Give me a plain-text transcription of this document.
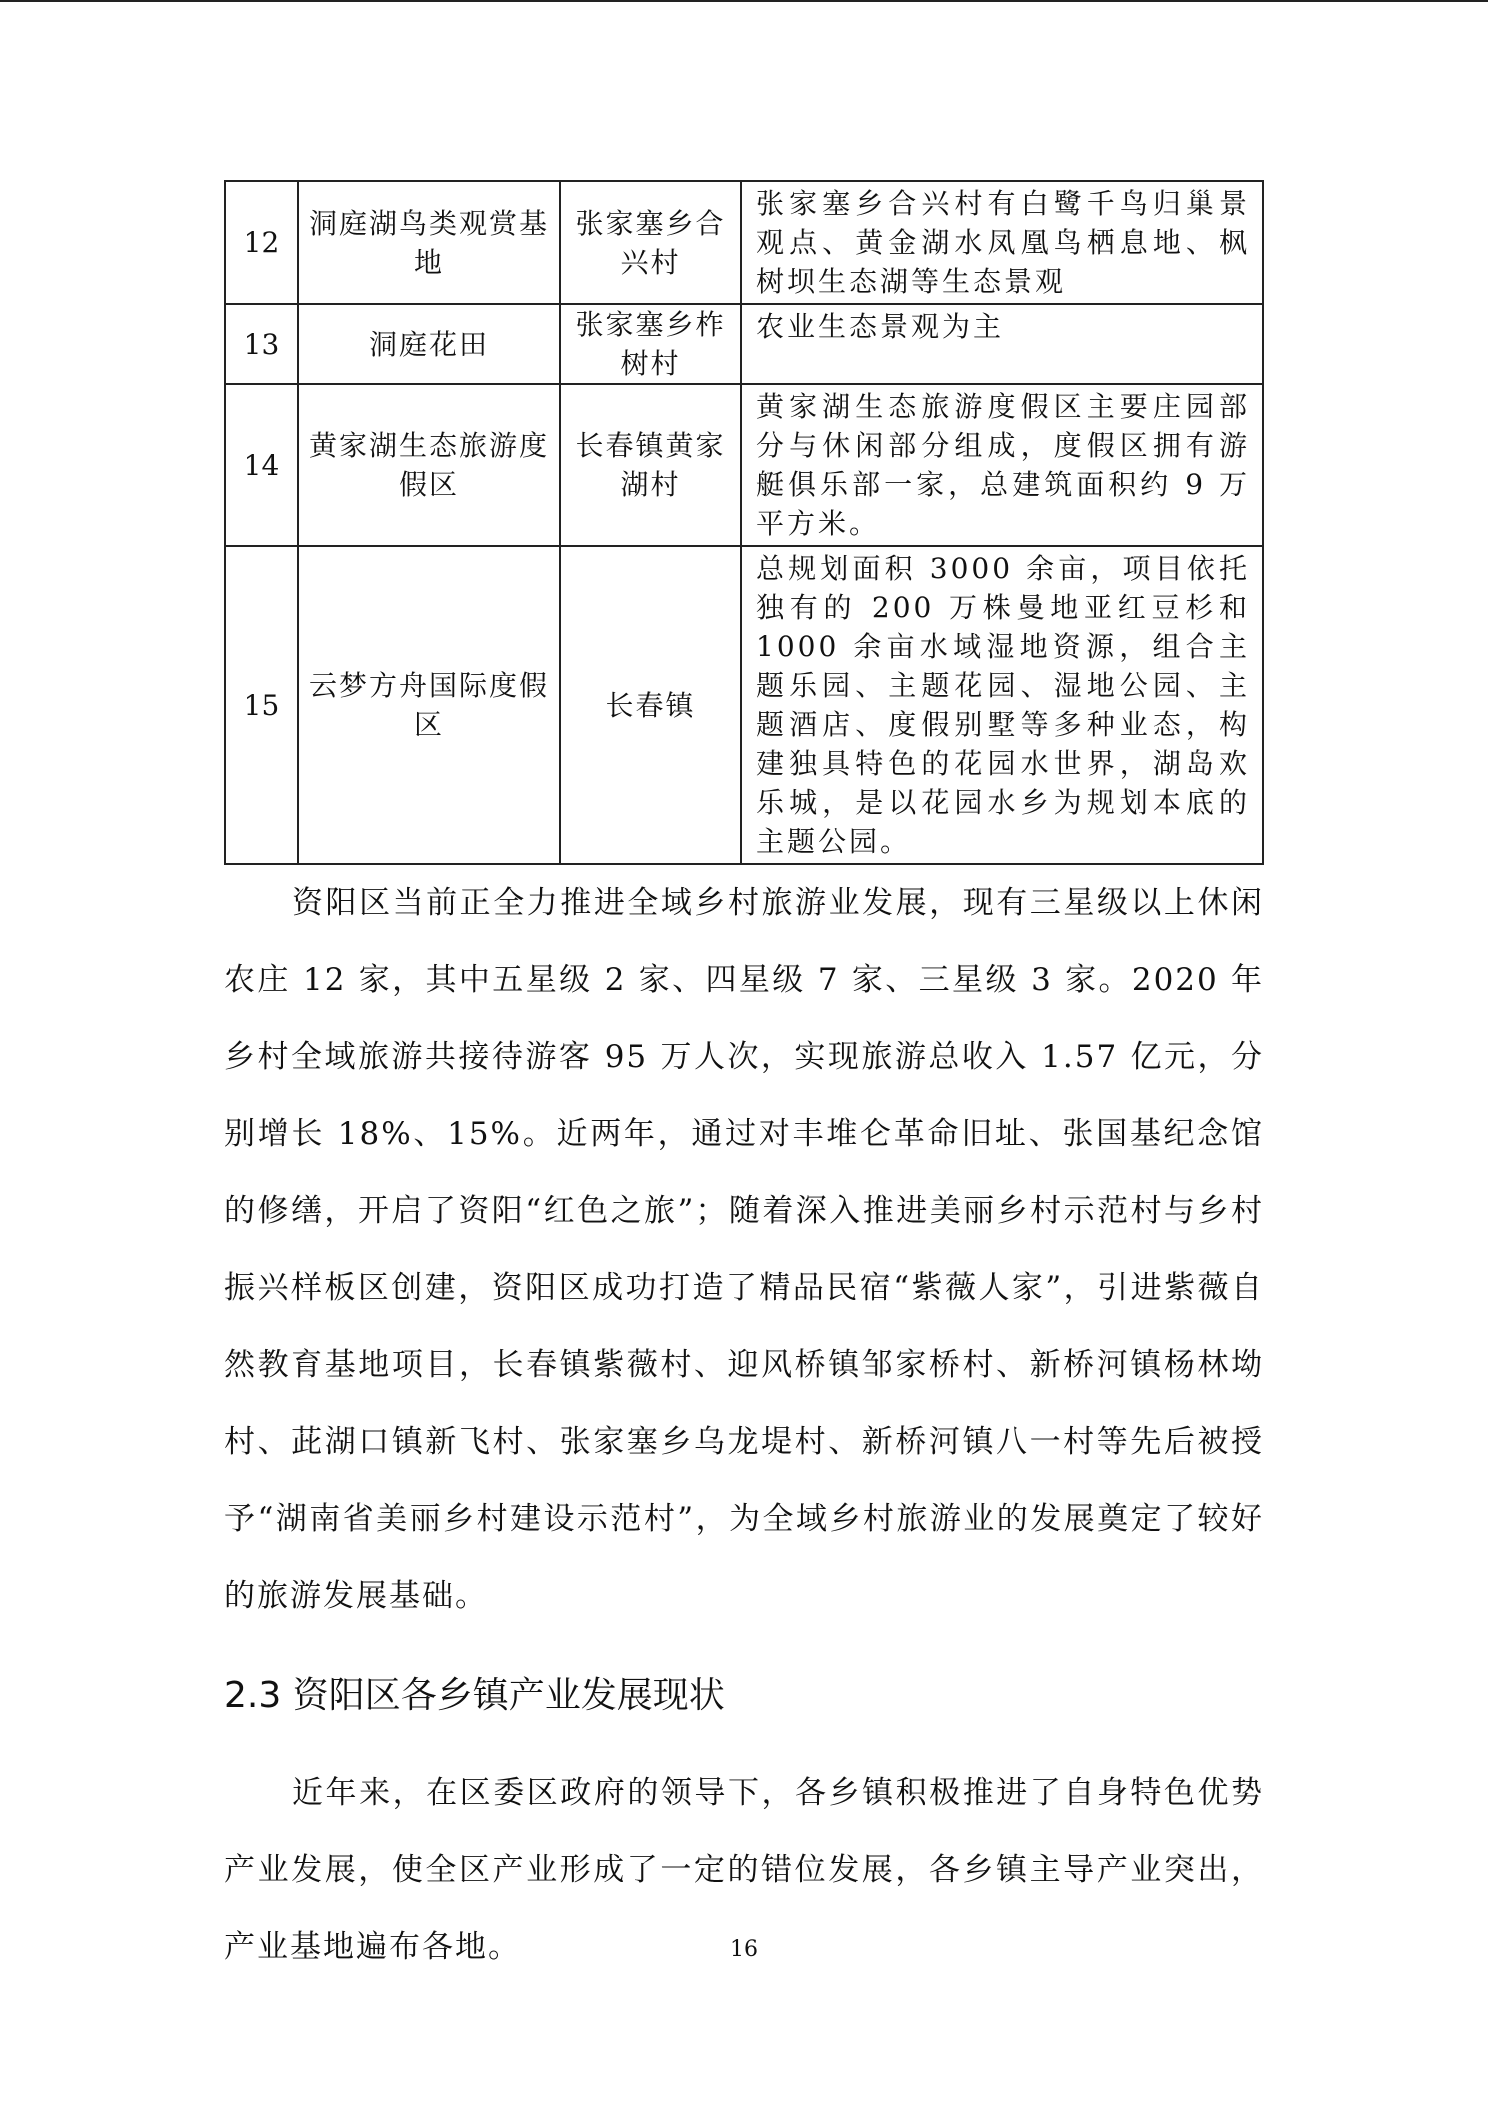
12	洞庭湖鸟类观赏基地	张家塞乡合兴村	张家塞乡合兴村有白鹭千鸟归巢景观点、黄金湖水凤凰鸟栖息地、枫树坝生态湖等生态景观
13	洞庭花田	张家塞乡柞树村	农业生态景观为主
14	黄家湖生态旅游度假区	长春镇黄家湖村	黄家湖生态旅游度假区主要庄园部分与休闲部分组成，度假区拥有游艇俱乐部一家，总建筑面积约 9 万平方米。
15	云梦方舟国际度假区	长春镇	总规划面积 3000 余亩，项目依托独有的 200 万株曼地亚红豆杉和 1000 余亩水域湿地资源，组合主题乐园、主题花园、湿地公园、主题酒店、度假别墅等多种业态，构建独具特色的花园水世界，湖岛欢乐城，是以花园水乡为规划本底的主题公园。

资阳区当前正全力推进全域乡村旅游业发展，现有三星级以上休闲农庄 12 家，其中五星级 2 家、四星级 7 家、三星级 3 家。2020 年乡村全域旅游共接待游客 95 万人次，实现旅游总收入 1.57 亿元，分别增长 18%、15%。近两年，通过对丰堆仑革命旧址、张国基纪念馆的修缮，开启了资阳“红色之旅”；随着深入推进美丽乡村示范村与乡村振兴样板区创建，资阳区成功打造了精品民宿“紫薇人家”，引进紫薇自然教育基地项目，长春镇紫薇村、迎风桥镇邹家桥村、新桥河镇杨林坳村、茈湖口镇新飞村、张家塞乡乌龙堤村、新桥河镇八一村等先后被授予“湖南省美丽乡村建设示范村”，为全域乡村旅游业的发展奠定了较好的旅游发展基础。

2.3 资阳区各乡镇产业发展现状

近年来，在区委区政府的领导下，各乡镇积极推进了自身特色优势产业发展，使全区产业形成了一定的错位发展，各乡镇主导产业突出，产业基地遍布各地。	16
